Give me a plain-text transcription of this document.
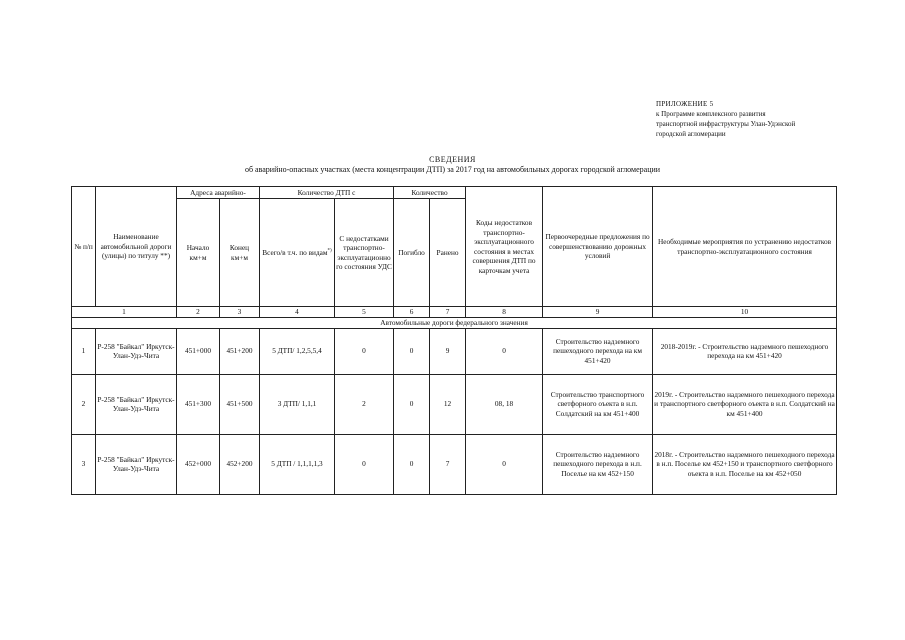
ПРИЛОЖЕНИЕ 5
к Программе комплексного развития
транспортной инфраструктуры Улан-Удэнской
городской агломерации
СВЕДЕНИЯ
об аварийно-опасных участках (места концентрации ДТП) за 2017 год на автомобильных дорогах городской агломерации
№ п/п	Наименование автомобильной дороги (улицы) по титулу **)	Адреса аварийно-		Количество ДТП с		Количество		Коды недостатков транспортно-эксплуатационного состояния в местах совершения ДТП по карточкам учета	Первоочередные предложения по совершенствованию дорожных условий	Необходимые мероприятия по устранению недостатков транспортно-эксплуатационного состояния
		Начало км+м	Конец км+м	Всего/в т.ч. по видам*)	С недостатками транспортно-эксплуатационного состояния УДС	Погибло	Ранено			
1		2	3	4	5	6	7	8	9	10
Автомобильные дороги федерального значения										
1	Р-258 "Байкал" Иркутск-Улан-Удэ-Чита	451+000	451+200	5 ДТП/ 1,2,5,5,4	0	0	9	0	Строительство надземного пешеходного перехода на км 451+420	2018-2019г. - Строительство надземного пешеходного перехода на км 451+420
2	Р-258 "Байкал" Иркутск-Улан-Удэ-Чита	451+300	451+500	3 ДТП/ 1,1,1	2	0	12	08, 18	Строительство транспортного светфорного оъекта в н.п. Солдатский на км 451+400	2019г. - Строительство надземного пешеходного перехода и транспортного светфорного оъекта в н.п. Солдатский на км 451+400
3	Р-258 "Байкал" Иркутск-Улан-Удэ-Чита	452+000	452+200	5 ДТП / 1,1,1,1,3	0	0	7	0	Строительство надземного пешеходного перехода в н.п. Поселье на км 452+150	2018г. - Строительство надземного пешеходного перехода в н.п. Поселье км 452+150 и транспортного светфорного оъекта в н.п. Поселье на км 452+050
